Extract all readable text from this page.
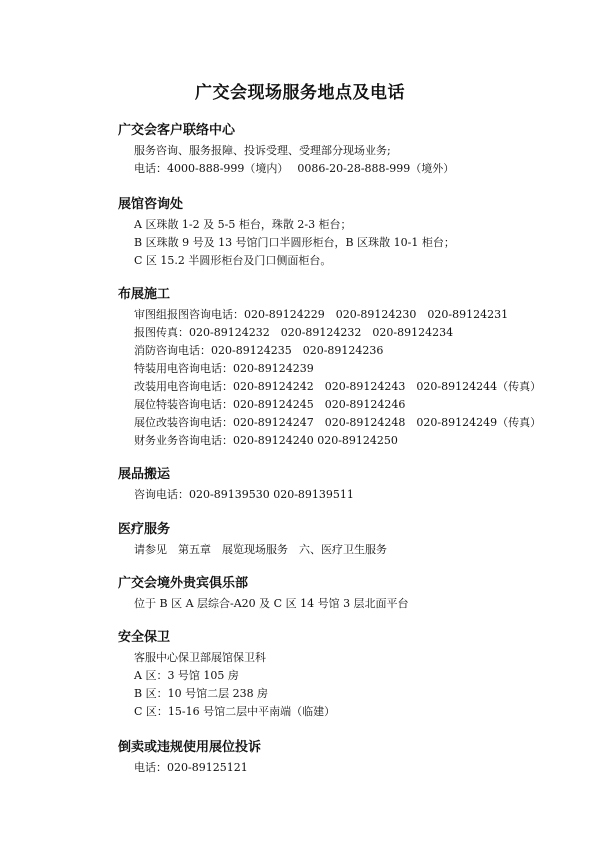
广交会现场服务地点及电话
广交会客户联络中心
服务咨询、服务报障、投诉受理、受理部分现场业务;
电话：4000-888-999（境内）　 0086-20-28-888-999（境外）
展馆咨询处
A 区珠散 1-2 及 5-5 柜台，珠散 2-3 柜台；
B 区珠散 9 号及 13 号馆门口半圆形柜台，B 区珠散 10-1 柜台；
C 区 15.2 半圆形柜台及门口侧面柜台。
布展施工
审图组报图咨询电话：020-89124229　020-89124230　020-89124231
报图传真：020-89124232　020-89124232　020-89124234
消防咨询电话：020-89124235　020-89124236
特装用电咨询电话：020-89124239
改装用电咨询电话：020-89124242　020-89124243　020-89124244（传真）
展位特装咨询电话：020-89124245　020-89124246
展位改装咨询电话：020-89124247　020-89124248　020-89124249（传真）
财务业务咨询电话：020-89124240 020-89124250
展品搬运
咨询电话：020-89139530 020-89139511
医疗服务
请参见　第五章　展览现场服务　六、医疗卫生服务
广交会境外贵宾俱乐部
位于 B 区 A 层综合-A20 及 C 区 14 号馆 3 层北面平台
安全保卫
客服中心保卫部展馆保卫科
A 区：3 号馆 105 房
B 区：10 号馆二层 238 房
C 区：15-16 号馆二层中平南端（临建）
倒卖或违规使用展位投诉
电话：020-89125121
